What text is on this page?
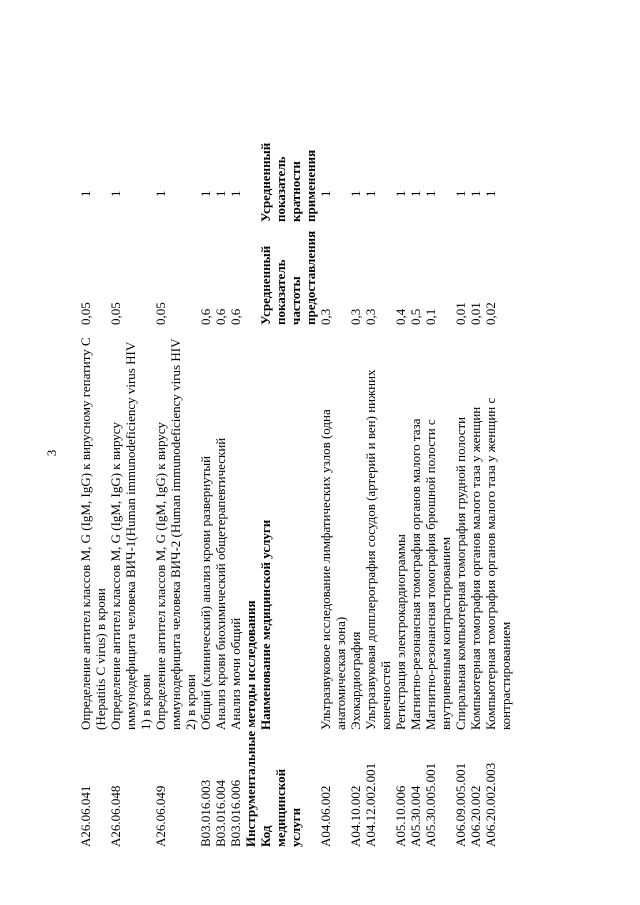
3
A26.06.041
Определение антител классов M, G (IgM, IgG) к вирусному гепатиту C (Hepatitis C virus) в крови
0,05
1
A26.06.048
Определение антител классов M, G (IgM, IgG) к вирусу иммунодефицита человека ВИЧ-1(Human immunodeficiency virus HIV 1) в крови
0,05
1
A26.06.049
Определение антител классов M, G (IgM, IgG) к вирусу иммунодефицита человека ВИЧ-2 (Human immunodeficiency virus HIV 2) в крови
0,05
1
B03.016.003
Общий (клинический) анализ крови развернутый
0,6
1
B03.016.004
Анализ крови биохимический общетерапевтический
0,6
1
B03.016.006
Анализ мочи общий
0,6
1
Инструментальные методы исследования Код медицинской услуги
Наименование медицинской услуги
Усредненный показатель частоты предоставления
Усредненный показатель кратности применения
A04.06.002
Ультразвуковое исследование лимфатических узлов (одна анатомическая зона)
0,3
1
A04.10.002
Эхокардиография
0,3
1
A04.12.002.001
Ультразвуковая допплерография сосудов (артерий и вен) нижних конечностей
0,3
1
A05.10.006
Регистрация электрокардиограммы
0,4
1
A05.30.004
Магнитно-резонансная томография органов малого таза
0,5
1
A05.30.005.001
Магнитно-резонансная томография брюшной полости с внутривенным контрастированием
0,1
1
A06.09.005.001
Спиральная компьютерная томография грудной полости
0,01
1
A06.20.002
Компьютерная томография органов малого таза у женщин
0,01
1
A06.20.002.003
Компьютерная томография органов малого таза у женщин с контрастированием
0,02
1
